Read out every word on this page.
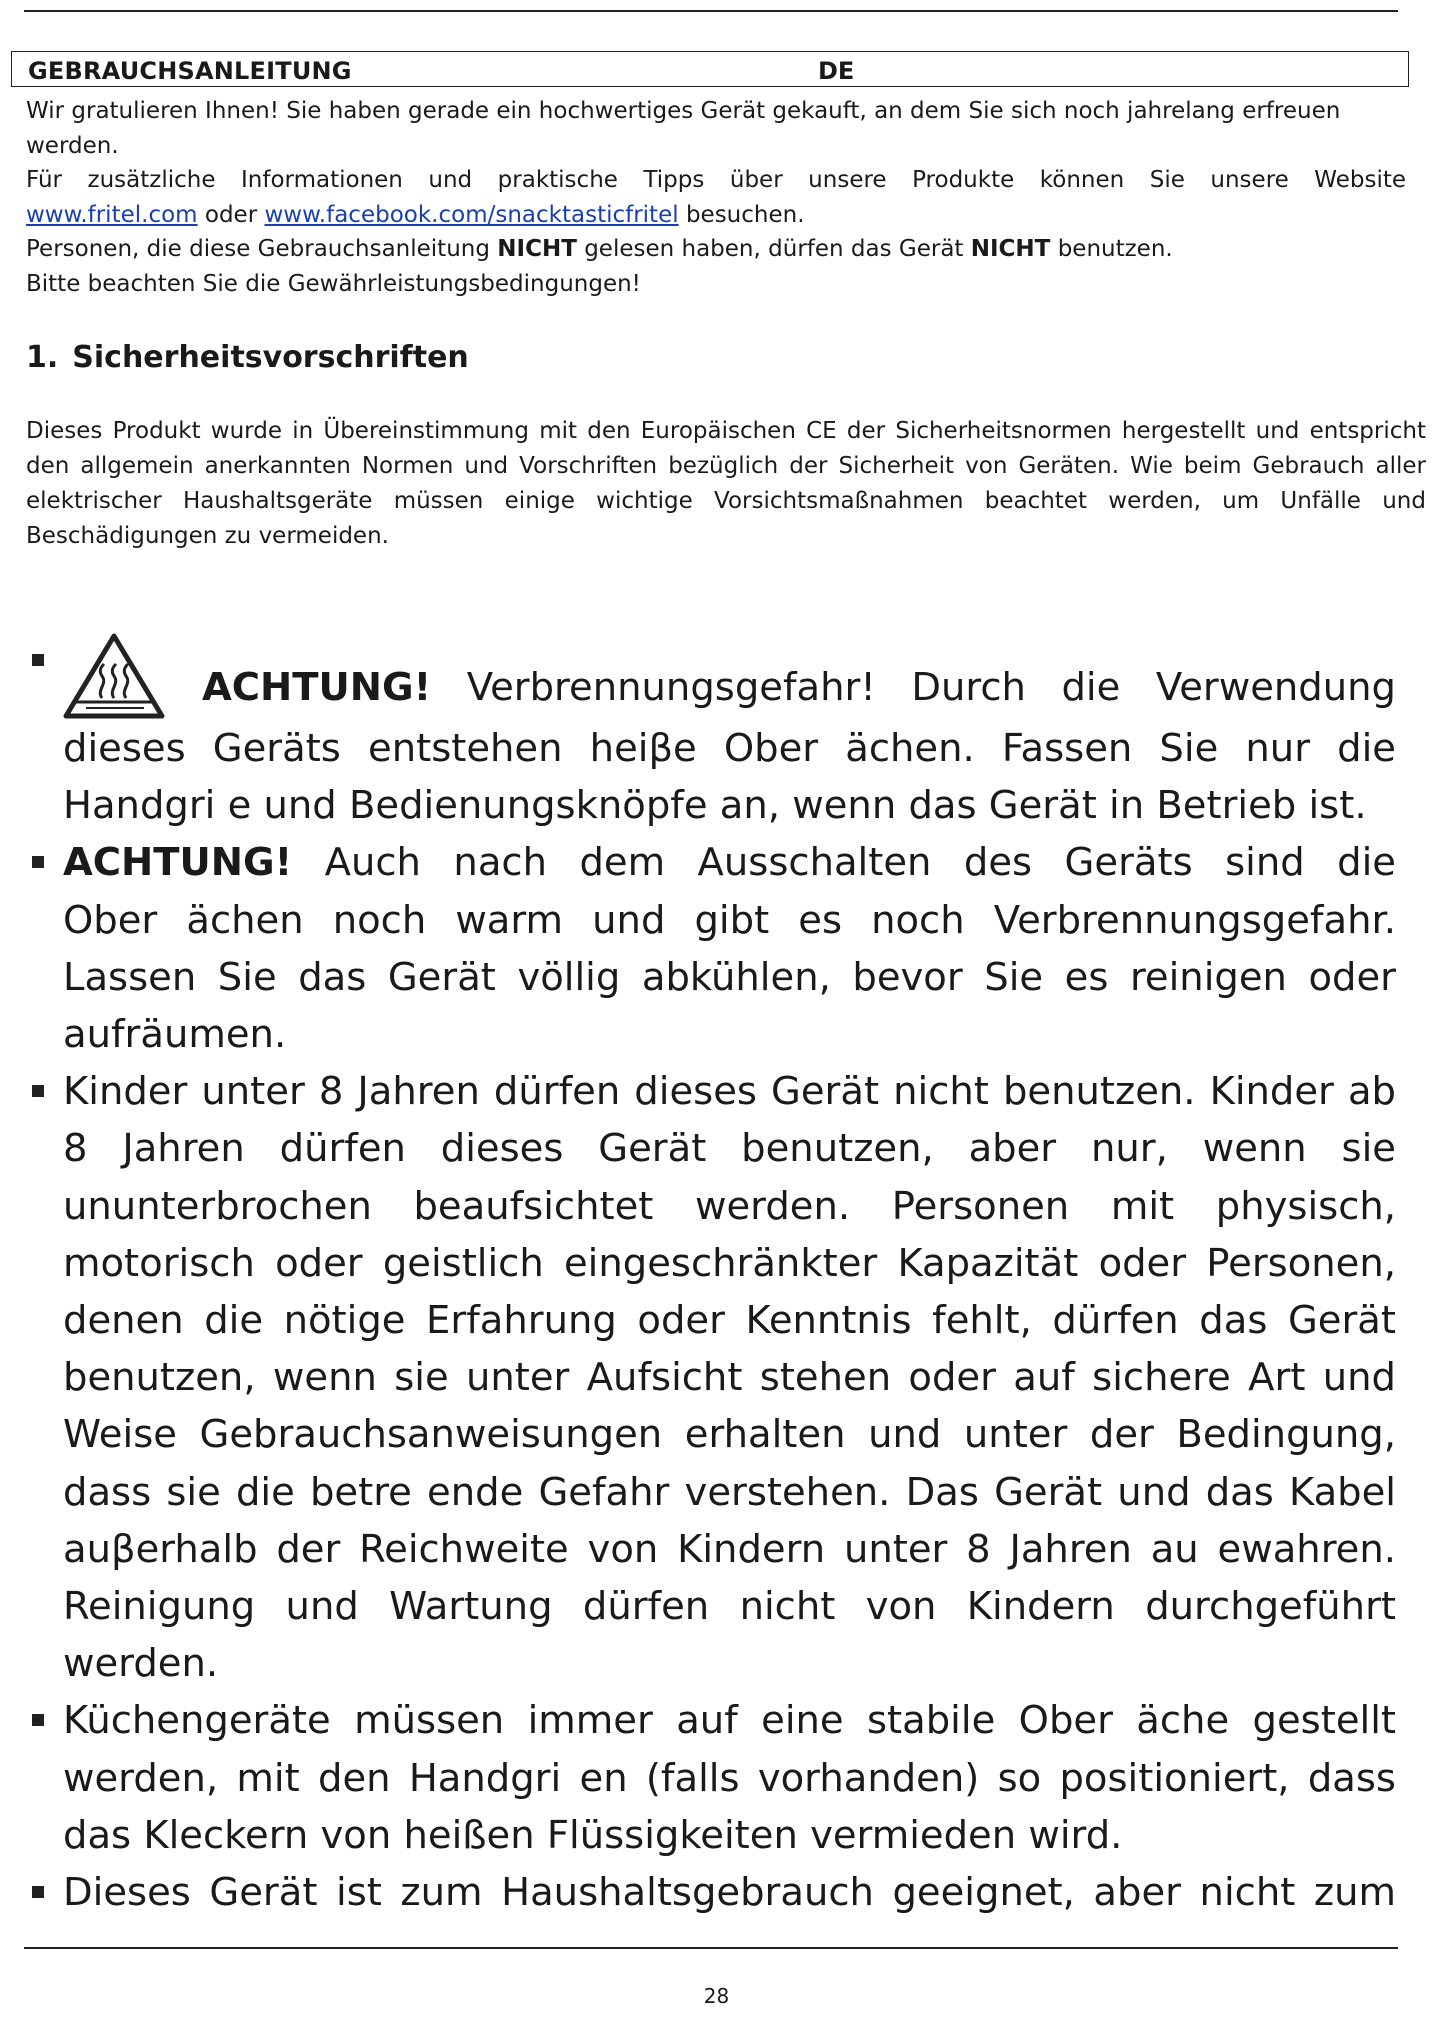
GEBRAUCHSANLEITUNG	DE

Wir gratulieren Ihnen! Sie haben gerade ein hochwertiges Gerät gekauft, an dem Sie sich noch jahrelang erfreuen werden.

Für zusätzliche Informationen und praktische Tipps über unsere Produkte können Sie unsere Website

www.fritel.com oder www.facebook.com/snacktasticfritel besuchen.

Personen, die diese Gebrauchsanleitung NICHT gelesen haben, dürfen das Gerät NICHT benutzen.

Bitte beachten Sie die Gewährleistungsbedingungen!

1. Sicherheitsvorschriften
Dieses Produkt wurde in Übereinstimmung mit den Europäischen CE der Sicherheitsnormen hergestellt und entspricht
den allgemein anerkannten Normen und Vorschriften bezüglich der Sicherheit von Geräten. Wie beim Gebrauch aller
elektrischer Haushaltsgeräte müssen einige wichtige Vorsichtsmaßnahmen beachtet werden, um Unfälle und
Beschädigungen zu vermeiden.
ACHTUNG! Verbrennungsgefahr! Durch die Verwendung
dieses Geräts entstehen heiβe Ober ächen. Fassen Sie nur die
Handgri e und Bedienungsknöpfe an, wenn das Gerät in Betrieb ist.
ACHTUNG! Auch nach dem Ausschalten des Geräts sind die
Ober ächen noch warm und gibt es noch Verbrennungsgefahr.
Lassen Sie das Gerät völlig abkühlen, bevor Sie es reinigen oder
aufräumen.
Kinder unter 8 Jahren dürfen dieses Gerät nicht benutzen. Kinder ab
8 Jahren dürfen dieses Gerät benutzen, aber nur, wenn sie
ununterbrochen beaufsichtet werden. Personen mit physisch,
motorisch oder geistlich eingeschränkter Kapazität oder Personen,
denen die nötige Erfahrung oder Kenntnis fehlt, dürfen das Gerät
benutzen, wenn sie unter Aufsicht stehen oder auf sichere Art und
Weise Gebrauchsanweisungen erhalten und unter der Bedingung,
dass sie die betre ende Gefahr verstehen. Das Gerät und das Kabel
auβerhalb der Reichweite von Kindern unter 8 Jahren au ewahren.
Reinigung und Wartung dürfen nicht von Kindern durchgeführt
werden.
Küchengeräte müssen immer auf eine stabile Ober äche gestellt
werden, mit den Handgri en (falls vorhanden) so positioniert, dass
das Kleckern von heißen Flüssigkeiten vermieden wird.
Dieses Gerät ist zum Haushaltsgebrauch geeignet, aber nicht zum
28
